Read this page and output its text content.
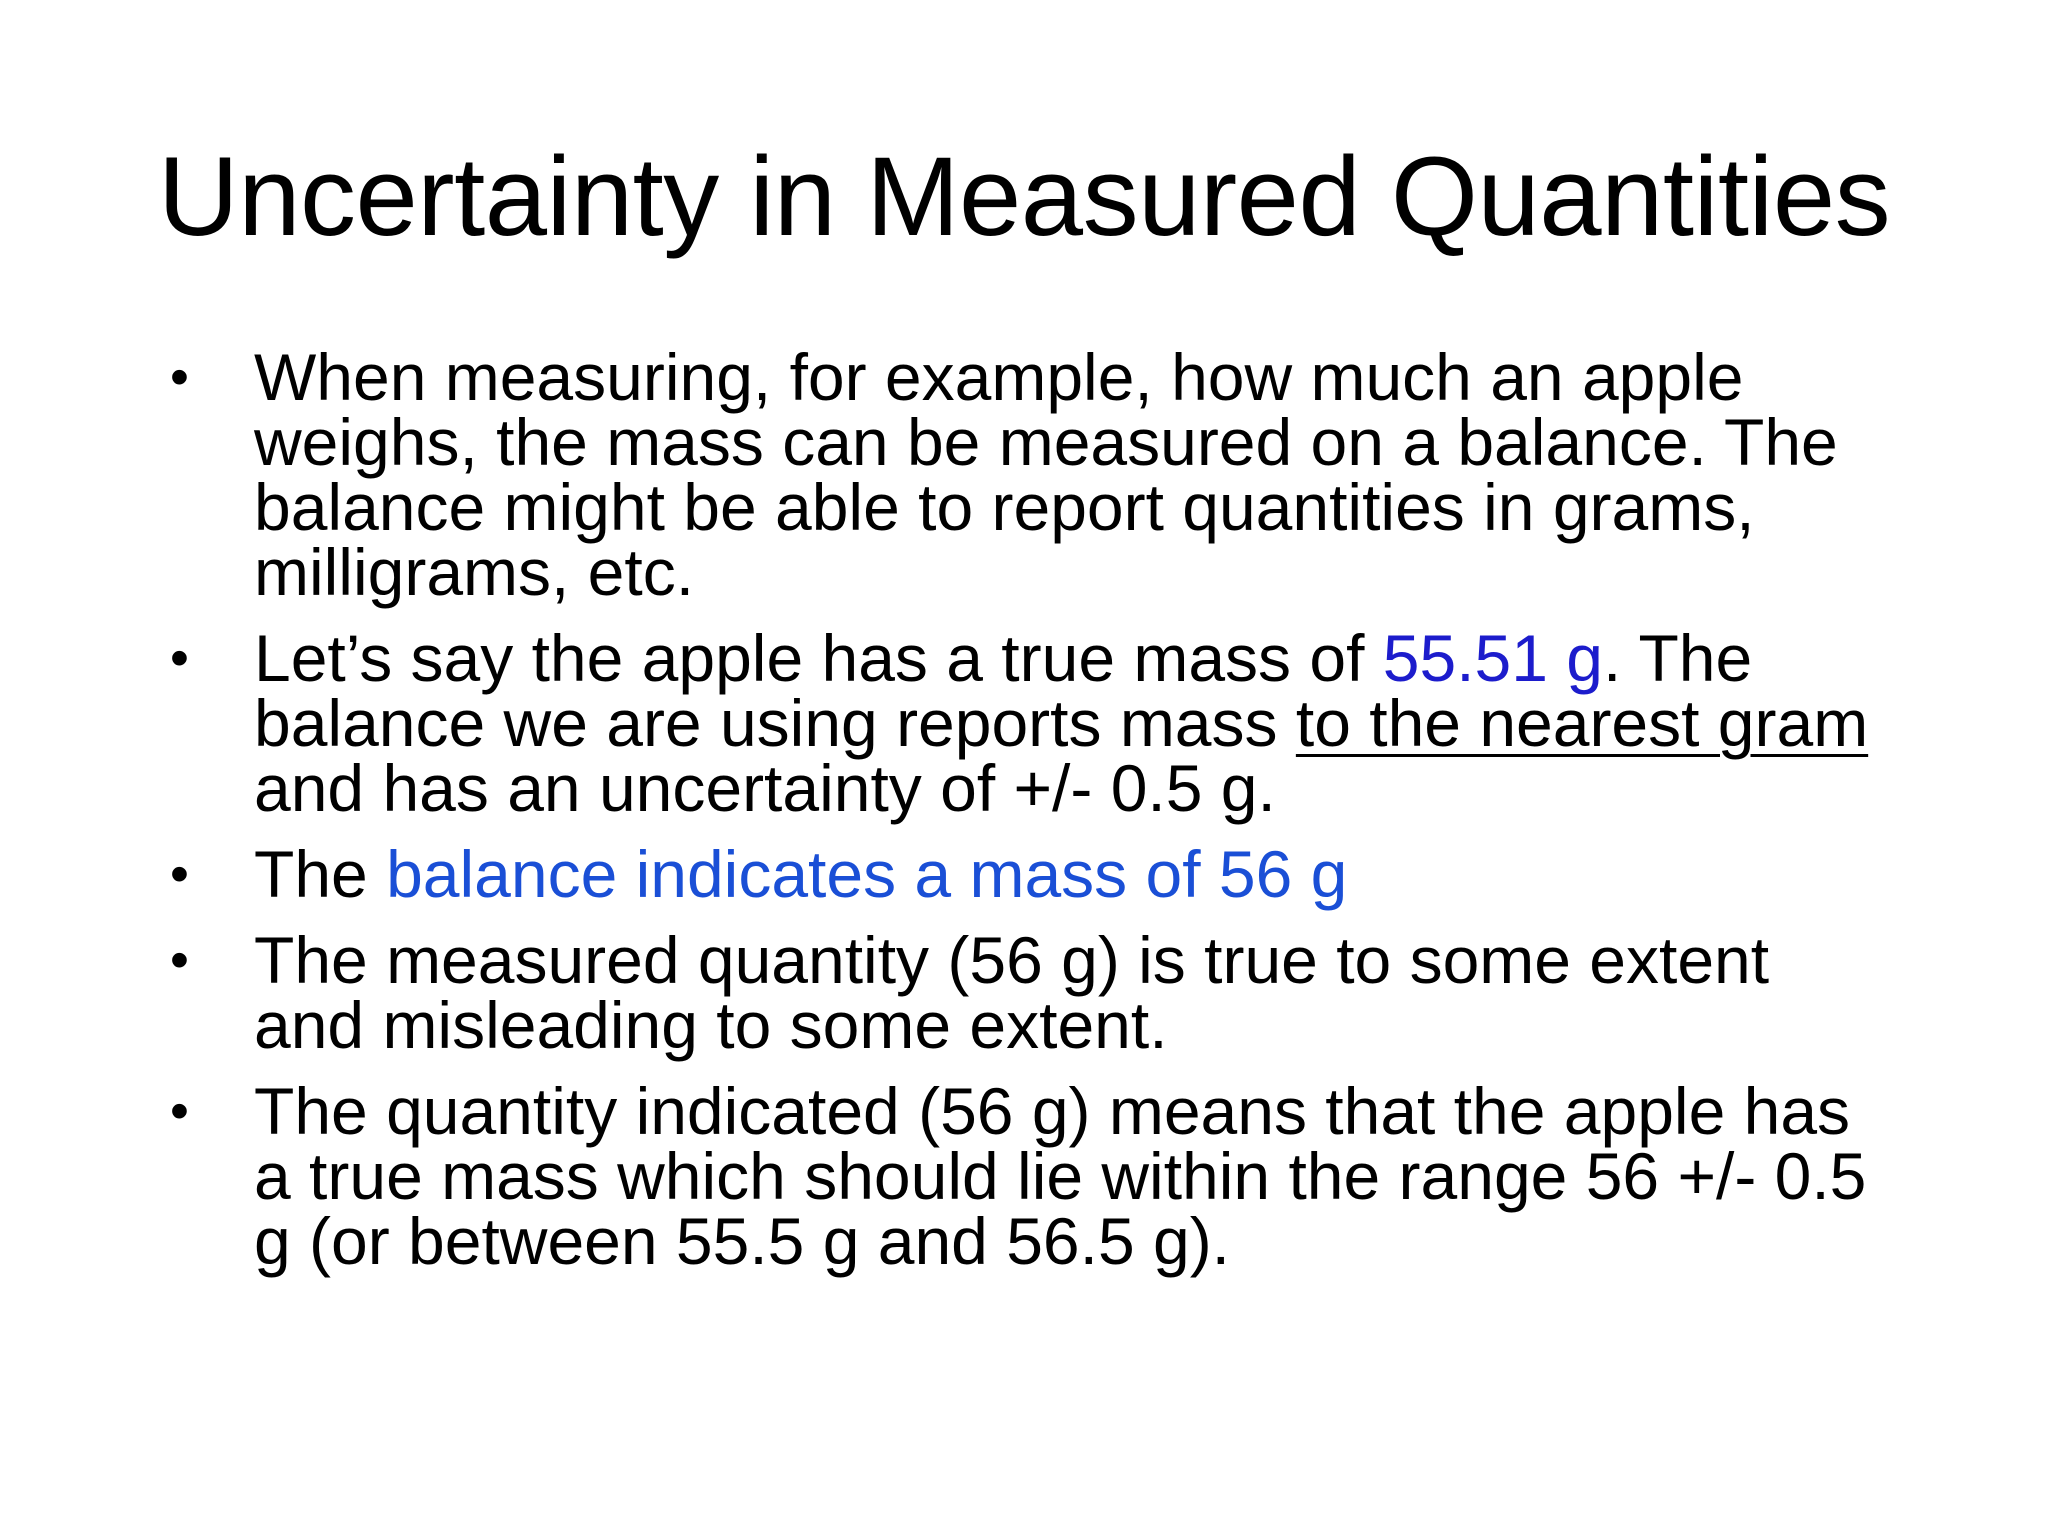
Uncertainty in Measured Quantities
• When measuring, for example, how much an apple weighs, the mass can be measured on a balance. The balance might be able to report quantities in grams, milligrams, etc.
• Let’s say the apple has a true mass of 55.51 g. The balance we are using reports mass to the nearest gram and has an uncertainty of +/- 0.5 g.
• The balance indicates a mass of 56 g
• The measured quantity (56 g) is true to some extent and misleading to some extent.
• The quantity indicated (56 g) means that the apple has a true mass which should lie within the range 56 +/- 0.5 g (or between 55.5 g and 56.5 g).
